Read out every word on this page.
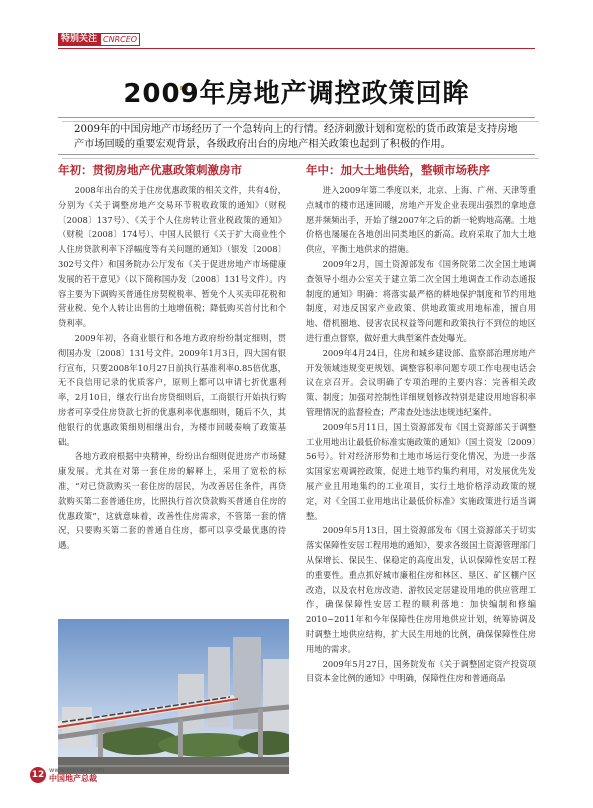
特别关注 CNRCEO
2009年房地产调控政策回眸

2009年的中国房地产市场经历了一个急转向上的行情。经济刺激计划和宽松的货币政策是支持房地产市场回暖的重要宏观背景，各级政府出台的房地产相关政策也起到了积极的作用。

年初：贯彻房地产优惠政策刺激房市

2008年出台的关于住房优惠政策的相关文件，共有4份，分别为《关于调整房地产交易环节税收政策的通知》（财税〔2008〕137号）、《关于个人住房转让营业税政策的通知》（财税〔2008〕174号）、中国人民银行《关于扩大商业性个人住房贷款利率下浮幅度等有关问题的通知》（银发〔2008〕302号文件）和国务院办公厅发布《关于促进房地产市场健康发展的若干意见》（以下简称国办发〔2008〕131号文件）。内容主要为下调购买普通住房契税税率、暂免个人买卖印花税和营业税、免个人转让出售的土地增值税；降低购买首付比和个贷利率。

2009年初，各商业银行和各地方政府纷纷制定细则，贯彻国办发〔2008〕131号文件。2009年1月3日，四大国有银行宣布，只要2008年10月27日前执行基准利率0.85倍优惠，无不良信用记录的优质客户，原则上都可以申请七折优惠利率，2月10日，继农行出台房贷细则后，工商银行开始执行购房者可享受住房贷款七折的优惠利率优惠细则，随后不久，其他银行的优惠政策细则相继出台，为楼市回暖奏响了政策基础。

各地方政府根据中央精神，纷纷出台细则促进房产市场健康发展。尤其在对第一套住房的解释上，采用了宽松的标准，“对已贷款购买一套住房的居民，为改善居住条件，再贷款购买第二套普通住房，比照执行首次贷款购买普通自住房的优惠政策”，这就意味着，改善性住房需求，不管第一套的情况，只要购买第二套的普通自住房，都可以享受最优惠的待遇。

年中：加大土地供给，整顿市场秩序

进入2009年第二季度以来，北京、上海、广州、天津等重点城市的楼市迅速回暖，房地产开发企业表现出强烈的拿地意愿并频频出手，开始了继2007年之后的新一轮购地高潮。土地价格也屡屡在各地创出同类地区的新高。政府采取了加大土地供应，平衡土地供求的措施。

2009年2月，国土资源部发布《国务院第二次全国土地调查领导小组办公室关于建立第二次全国土地调查工作动态通报制度的通知》明确：将落实最严格的耕地保护制度和节约用地制度，对违反国家产业政策、供地政策或用地标准，擅自用地、借机圈地、侵害农民权益等问题和政策执行不到位的地区进行重点督察，做好重大典型案件查处曝光。

2009年4月24日，住房和城乡建设部、监察部治理房地产开发领域违规变更规划、调整容积率问题专项工作电视电话会议在京召开。会议明确了专项治理的主要内容：完善相关政策、制度；加强对控制性详细规划修改特别是建设用地容积率管理情况的监督检查；严肃查处违法违规违纪案件。

2009年5月11日，国土资源部发布《国土资源部关于调整工业用地出让最低价标准实施政策的通知》（国土资发〔2009〕56号）。针对经济形势和土地市场运行变化情况，为进一步落实国家宏观调控政策，促进土地节约集约利用，对发展优先发展产业且用地集约的工业项目，实行土地价格浮动政策的规定，对《全国工业用地出让最低价标准》实施政策进行适当调整。

2009年5月13日，国土资源部发布《国土资源部关于切实落实保障性安居工程用地的通知》，要求各级国土资源管理部门从保增长、保民生、保稳定的高度出发，认识保障性安居工程的重要性。重点抓好城市廉租住房和林区、垦区、矿区棚户区改造，以及农村危房改造、游牧民定居建设用地的供应管理工作，确保保障性安居工程的顺利落地：加快编制和修编2010~2011年和今年保障性住房用地供应计划，统筹协调及时调整土地供应结构，扩大民生用地的比例，确保保障性住房用地的需求。

2009年5月27日，国务院发布《关于调整固定资产投资项目资本金比例的通知》中明确，保障性住房和普通商品

12 www.cnrceo.com
中国地产总裁
